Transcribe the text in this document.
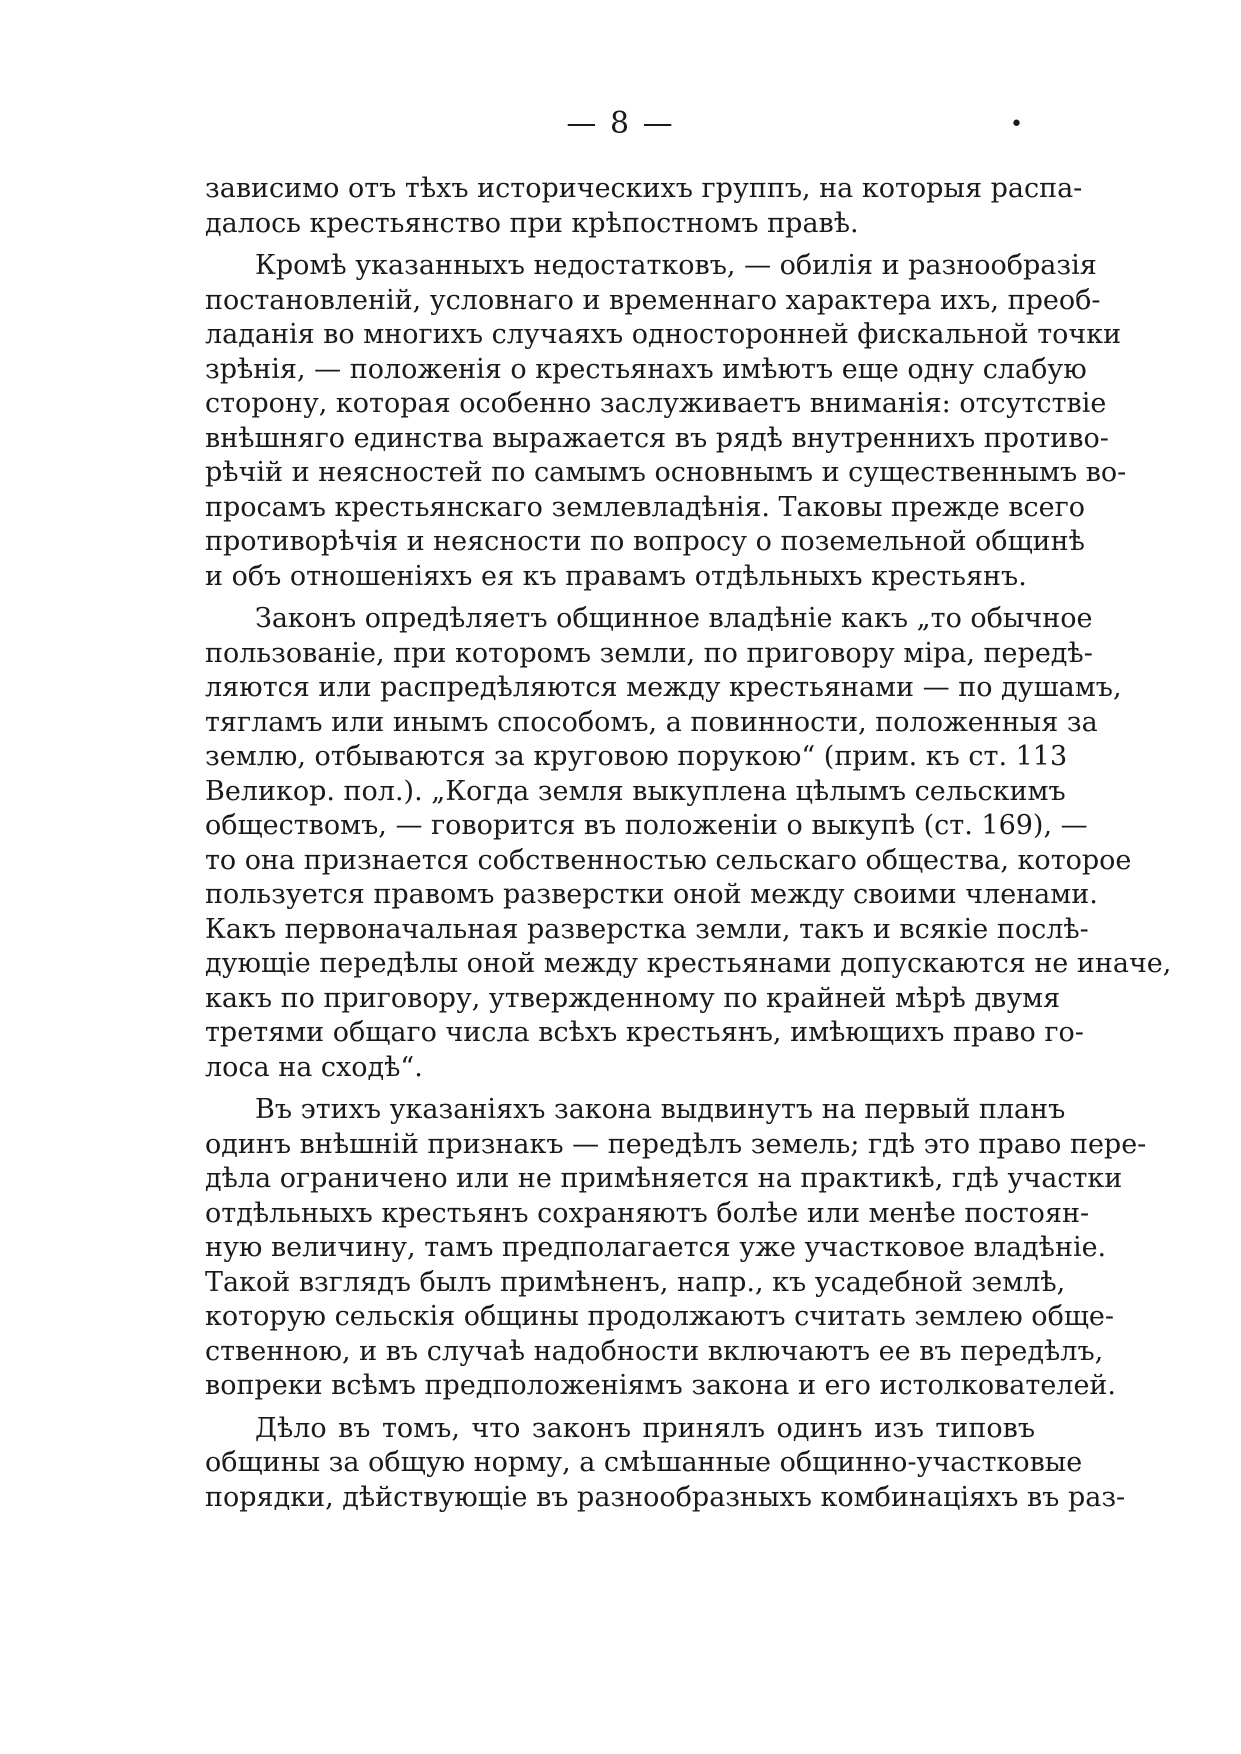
— 8 —	•
зависимо отъ тѣхъ историческихъ группъ, на которыя распа-
далось крестьянство при крѣпостномъ правѣ.
Кромѣ указанныхъ недостатковъ, — обилія и разнообразія
постановленій, условнаго и временнаго характера ихъ, преоб-
ладанія во многихъ случаяхъ односторонней фискальной точки
зрѣнія, — положенія о крестьянахъ имѣютъ еще одну слабую
сторону, которая особенно заслуживаетъ вниманія: отсутствіе
внѣшняго единства выражается въ рядѣ внутреннихъ противо-
рѣчій и неясностей по самымъ основнымъ и существеннымъ во-
просамъ крестьянскаго землевладѣнія. Таковы прежде всего
противорѣчія и неясности по вопросу о поземельной общинѣ
и объ отношеніяхъ ея къ правамъ отдѣльныхъ крестьянъ.
Законъ опредѣляетъ общинное владѣніе какъ „то обычное
пользованіе, при которомъ земли, по приговору міра, передѣ-
ляются или распредѣляются между крестьянами — по душамъ,
тягламъ или инымъ способомъ, а повинности, положенныя за
землю, отбываются за круговою порукою“ (прим. къ ст. 113
Великор. пол.). „Когда земля выкуплена цѣлымъ сельскимъ
обществомъ, — говорится въ положеніи о выкупѣ (ст. 169), —
то она признается собственностью сельскаго общества, которое
пользуется правомъ разверстки оной между своими членами.
Какъ первоначальная разверстка земли, такъ и всякіе послѣ-
дующіе передѣлы оной между крестьянами допускаются не иначе,
какъ по приговору, утвержденному по крайней мѣрѣ двумя
третями общаго числа всѣхъ крестьянъ, имѣющихъ право го-
лоса на сходѣ“.
Въ этихъ указаніяхъ закона выдвинутъ на первый планъ
одинъ внѣшній признакъ — передѣлъ земель; гдѣ это право пере-
дѣла ограничено или не примѣняется на практикѣ, гдѣ участки
отдѣльныхъ крестьянъ сохраняютъ болѣе или менѣе постоян-
ную величину, тамъ предполагается уже участковое владѣніе.
Такой взглядъ былъ примѣненъ, напр., къ усадебной землѣ,
которую сельскія общины продолжаютъ считать землею обще-
ственною, и въ случаѣ надобности включаютъ ее въ передѣлъ,
вопреки всѣмъ предположеніямъ закона и его истолкователей.
Дѣло въ томъ, что законъ принялъ одинъ изъ типовъ
общины за общую норму, а смѣшанные общинно-участковые
порядки, дѣйствующіе въ разнообразныхъ комбинаціяхъ въ раз-
